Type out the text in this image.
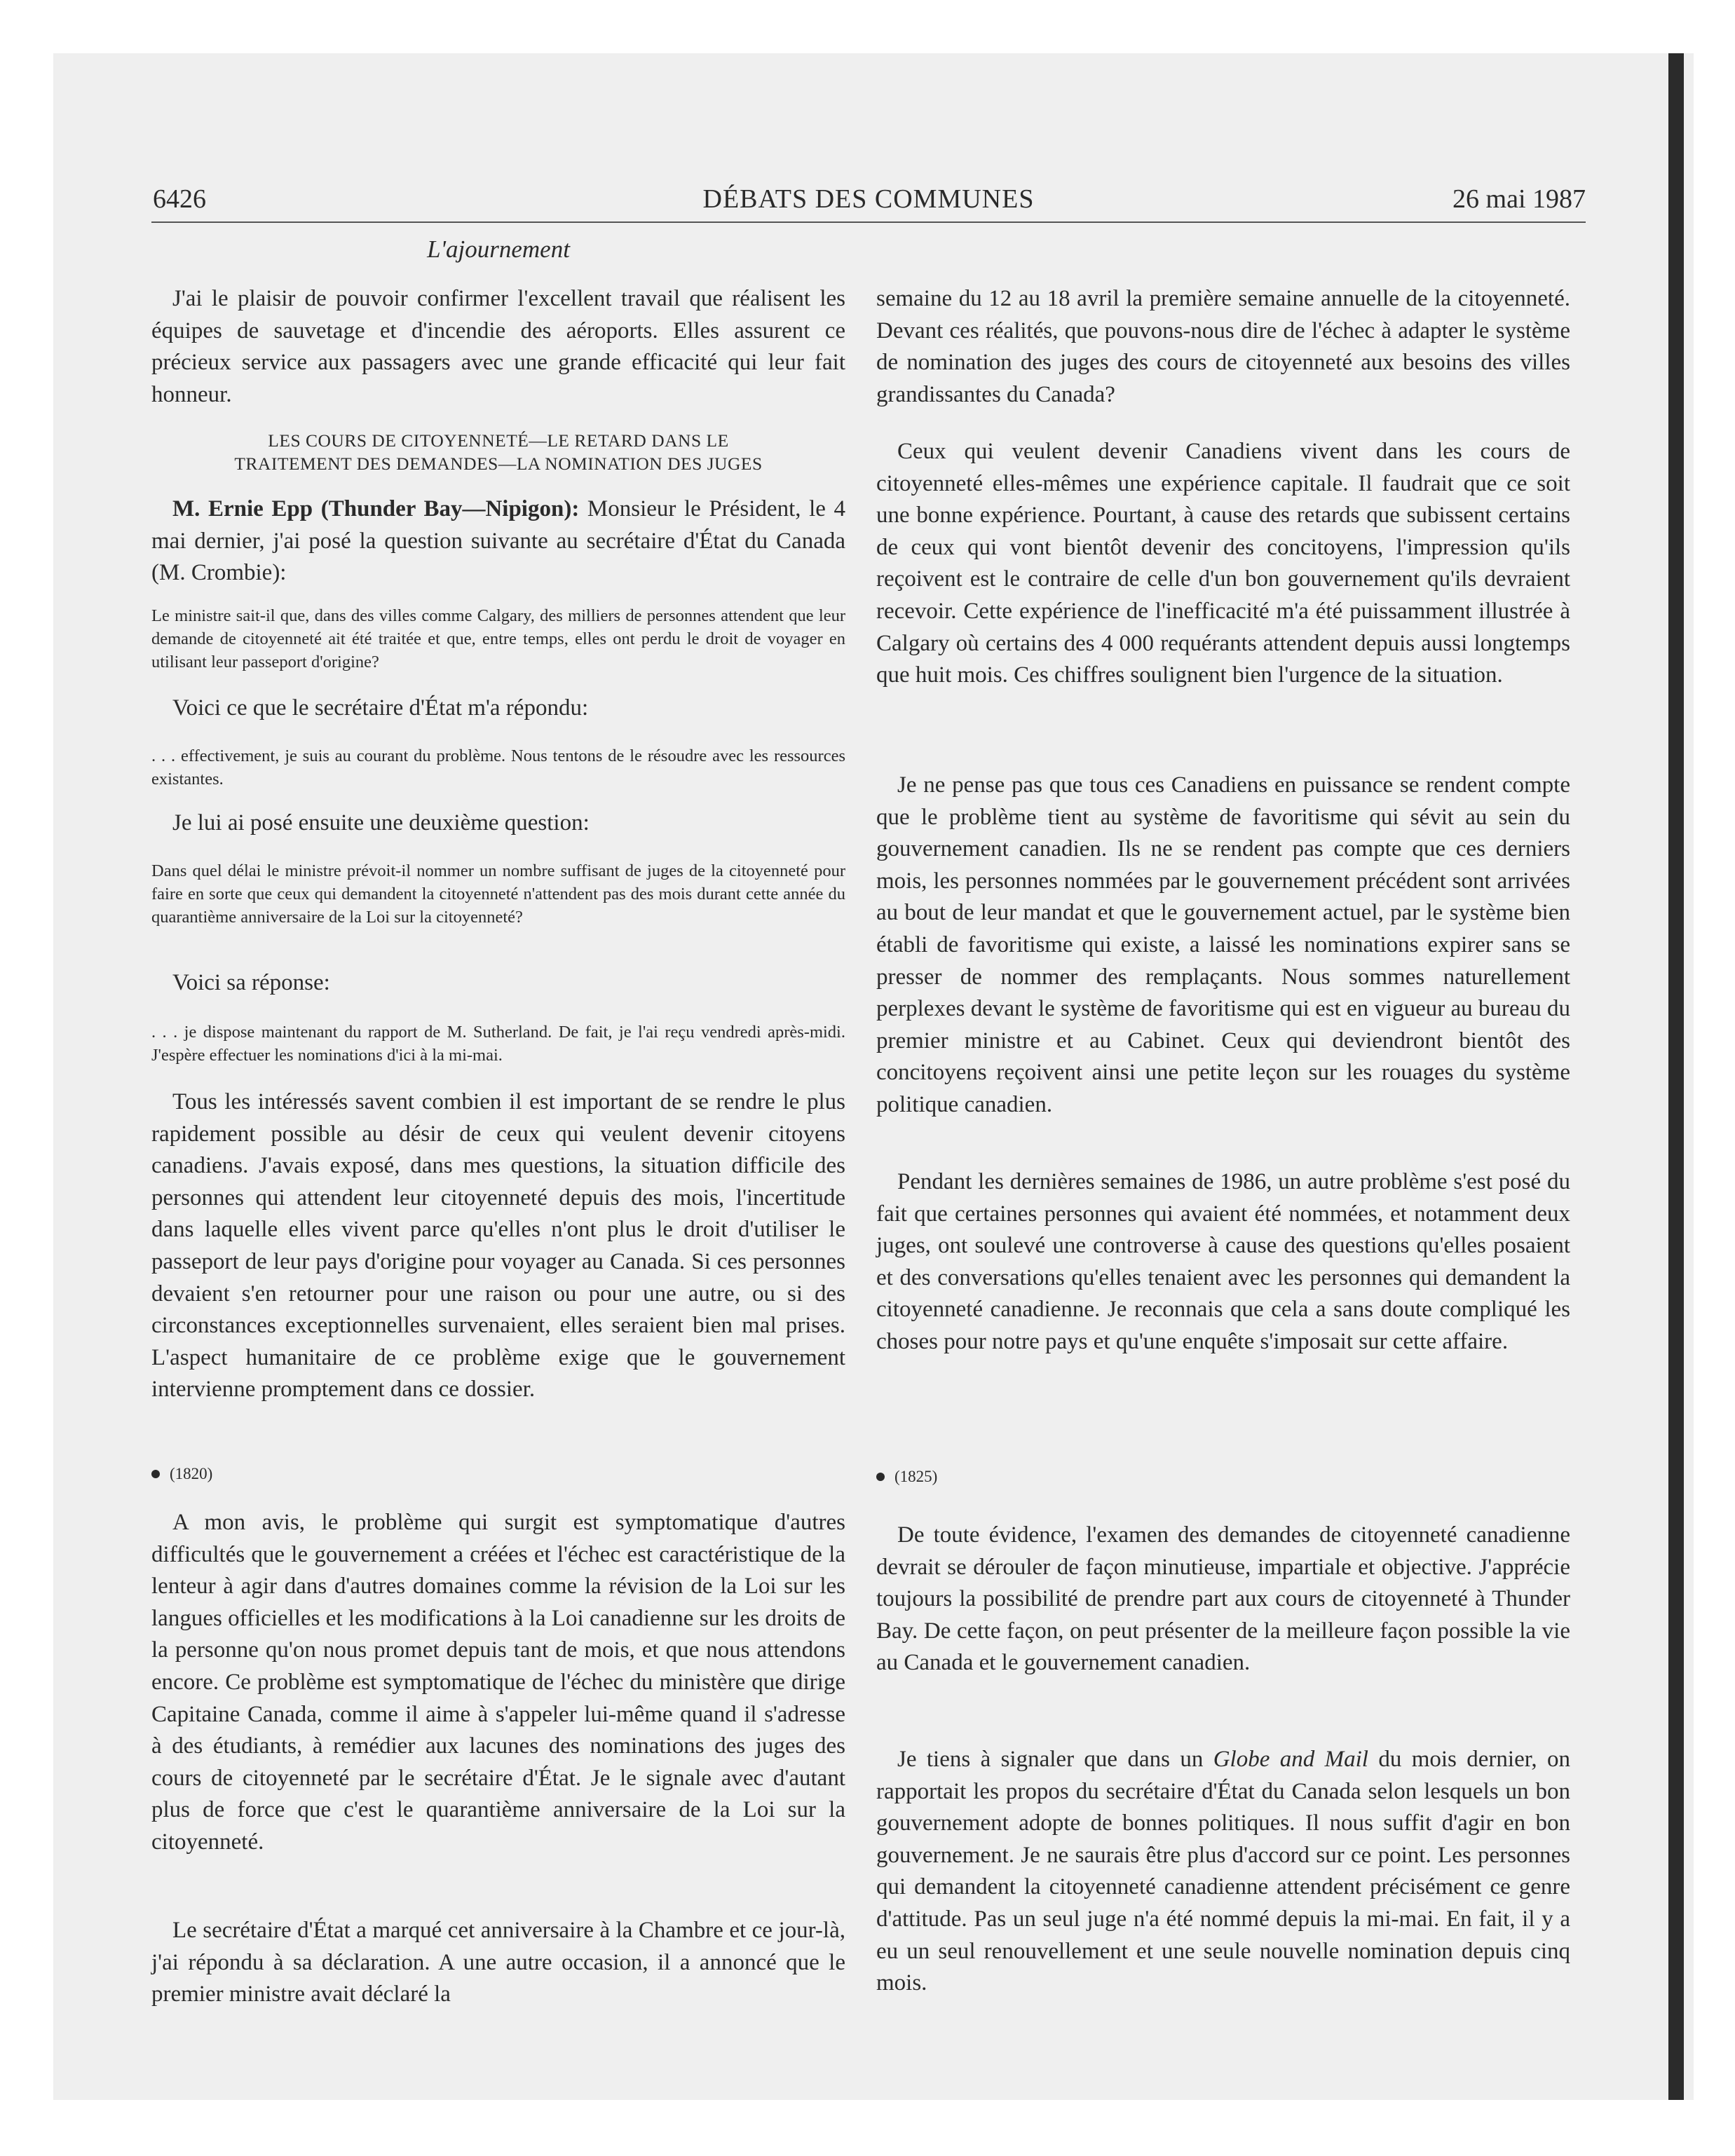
6426	DÉBATS DES COMMUNES	26 mai 1987
L'ajournement

J'ai le plaisir de pouvoir confirmer l'excellent travail que réalisent les équipes de sauvetage et d'incendie des aéroports. Elles assurent ce précieux service aux passagers avec une grande efficacité qui leur fait honneur.

LES COURS DE CITOYENNETÉ—LE RETARD DANS LE
TRAITEMENT DES DEMANDES—LA NOMINATION DES JUGES

M. Ernie Epp (Thunder Bay—Nipigon): Monsieur le Président, le 4 mai dernier, j'ai posé la question suivante au secrétaire d'État du Canada (M. Crombie):

Le ministre sait-il que, dans des villes comme Calgary, des milliers de personnes attendent que leur demande de citoyenneté ait été traitée et que, entre temps, elles ont perdu le droit de voyager en utilisant leur passeport d'origine?

Voici ce que le secrétaire d'État m'a répondu:

. . . effectivement, je suis au courant du problème. Nous tentons de le résoudre avec les ressources existantes.

Je lui ai posé ensuite une deuxième question:

Dans quel délai le ministre prévoit-il nommer un nombre suffisant de juges de la citoyenneté pour faire en sorte que ceux qui demandent la citoyenneté n'attendent pas des mois durant cette année du quarantième anniversaire de la Loi sur la citoyenneté?

Voici sa réponse:

. . . je dispose maintenant du rapport de M. Sutherland. De fait, je l'ai reçu vendredi après-midi. J'espère effectuer les nominations d'ici à la mi-mai.

Tous les intéressés savent combien il est important de se rendre le plus rapidement possible au désir de ceux qui veulent devenir citoyens canadiens. J'avais exposé, dans mes questions, la situation difficile des personnes qui attendent leur citoyenneté depuis des mois, l'incertitude dans laquelle elles vivent parce qu'elles n'ont plus le droit d'utiliser le passeport de leur pays d'origine pour voyager au Canada. Si ces personnes devaient s'en retourner pour une raison ou pour une autre, ou si des circonstances exceptionnelles survenaient, elles seraient bien mal prises. L'aspect humanitaire de ce problème exige que le gouvernement intervienne promptement dans ce dossier.

(1820)

A mon avis, le problème qui surgit est symptomatique d'autres difficultés que le gouvernement a créées et l'échec est caractéristique de la lenteur à agir dans d'autres domaines comme la révision de la Loi sur les langues officielles et les modifications à la Loi canadienne sur les droits de la personne qu'on nous promet depuis tant de mois, et que nous attendons encore. Ce problème est symptomatique de l'échec du ministère que dirige Capitaine Canada, comme il aime à s'appeler lui-même quand il s'adresse à des étudiants, à remédier aux lacunes des nominations des juges des cours de citoyenneté par le secrétaire d'État. Je le signale avec d'autant plus de force que c'est le quarantième anniversaire de la Loi sur la citoyenneté.

Le secrétaire d'État a marqué cet anniversaire à la Chambre et ce jour-là, j'ai répondu à sa déclaration. A une autre occasion, il a annoncé que le premier ministre avait déclaré la

semaine du 12 au 18 avril la première semaine annuelle de la citoyenneté. Devant ces réalités, que pouvons-nous dire de l'échec à adapter le système de nomination des juges des cours de citoyenneté aux besoins des villes grandissantes du Canada?

Ceux qui veulent devenir Canadiens vivent dans les cours de citoyenneté elles-mêmes une expérience capitale. Il faudrait que ce soit une bonne expérience. Pourtant, à cause des retards que subissent certains de ceux qui vont bientôt devenir des concitoyens, l'impression qu'ils reçoivent est le contraire de celle d'un bon gouvernement qu'ils devraient recevoir. Cette expérience de l'inefficacité m'a été puissamment illustrée à Calgary où certains des 4 000 requérants attendent depuis aussi longtemps que huit mois. Ces chiffres soulignent bien l'urgence de la situation.

Je ne pense pas que tous ces Canadiens en puissance se rendent compte que le problème tient au système de favoritisme qui sévit au sein du gouvernement canadien. Ils ne se rendent pas compte que ces derniers mois, les personnes nommées par le gouvernement précédent sont arrivées au bout de leur mandat et que le gouvernement actuel, par le système bien établi de favoritisme qui existe, a laissé les nominations expirer sans se presser de nommer des remplaçants. Nous sommes naturellement perplexes devant le système de favoritisme qui est en vigueur au bureau du premier ministre et au Cabinet. Ceux qui deviendront bientôt des concitoyens reçoivent ainsi une petite leçon sur les rouages du système politique canadien.

Pendant les dernières semaines de 1986, un autre problème s'est posé du fait que certaines personnes qui avaient été nommées, et notamment deux juges, ont soulevé une controverse à cause des questions qu'elles posaient et des conversations qu'elles tenaient avec les personnes qui demandent la citoyenneté canadienne. Je reconnais que cela a sans doute compliqué les choses pour notre pays et qu'une enquête s'imposait sur cette affaire.

(1825)

De toute évidence, l'examen des demandes de citoyenneté canadienne devrait se dérouler de façon minutieuse, impartiale et objective. J'apprécie toujours la possibilité de prendre part aux cours de citoyenneté à Thunder Bay. De cette façon, on peut présenter de la meilleure façon possible la vie au Canada et le gouvernement canadien.

Je tiens à signaler que dans un Globe and Mail du mois dernier, on rapportait les propos du secrétaire d'État du Canada selon lesquels un bon gouvernement adopte de bonnes politiques. Il nous suffit d'agir en bon gouvernement. Je ne saurais être plus d'accord sur ce point. Les personnes qui demandent la citoyenneté canadienne attendent précisément ce genre d'attitude. Pas un seul juge n'a été nommé depuis la mi-mai. En fait, il y a eu un seul renouvellement et une seule nouvelle nomination depuis cinq mois.
